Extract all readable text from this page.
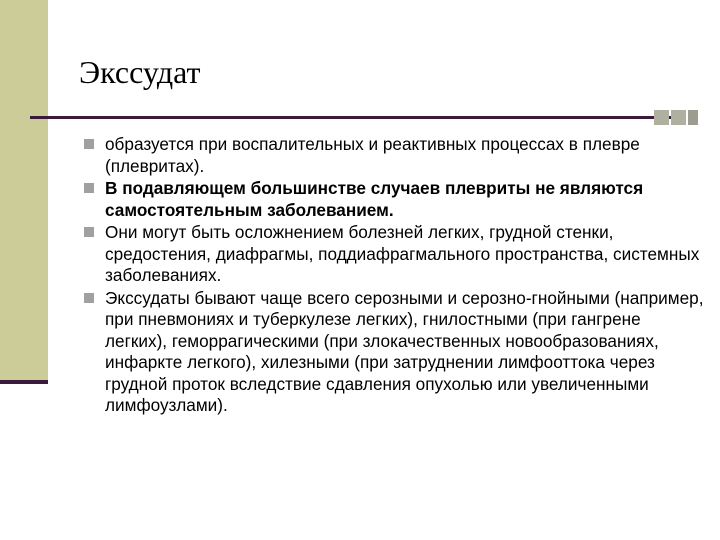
Экссудат
образуется при воспалительных и реактивных процессах в плевре (плевритах).
В подавляющем большинстве случаев плевриты не являются самостоятельным заболеванием.
Они могут быть осложнением болезней легких, грудной стенки, средостения, диафрагмы, поддиафрагмального пространства, системных заболеваниях.
Экссудаты бывают чаще всего серозными и серозно-гнойными (например, при пневмониях и туберкулезе легких), гнилостными (при гангрене легких), геморрагическими (при злокачественных новообразованиях, инфаркте легкого), хилезными (при затруднении лимфооттока через грудной проток вследствие сдавления опухолью или увеличенными лимфоузлами).
